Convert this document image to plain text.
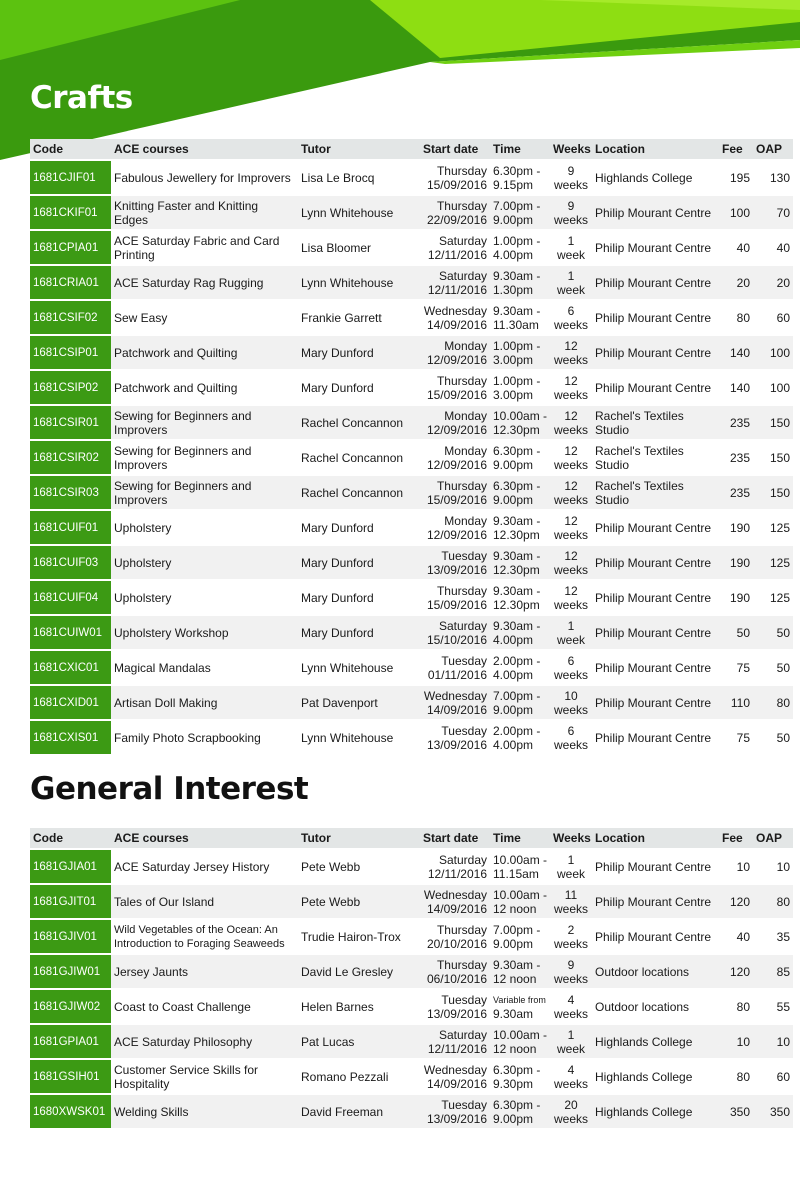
Crafts
Code	ACE courses	Tutor	Start date	Time	Weeks	Location	Fee	OAP
1681CJIF01	Fabulous Jewellery for Improvers	Lisa Le Brocq	Thursday
15/09/2016	6.30pm -
9.15pm	9 weeks	Highlands College	195	130
1681CKIF01	Knitting Faster and Knitting Edges	Lynn Whitehouse	Thursday
22/09/2016	7.00pm -
9.00pm	9 weeks	Philip Mourant Centre	100	70
1681CPIA01	ACE Saturday Fabric and Card Printing	Lisa Bloomer	Saturday
12/11/2016	1.00pm -
4.00pm	1 week	Philip Mourant Centre	40	40
1681CRIA01	ACE Saturday Rag Rugging	Lynn Whitehouse	Saturday
12/11/2016	9.30am -
1.30pm	1 week	Philip Mourant Centre	20	20
1681CSIF02	Sew Easy	Frankie Garrett	Wednesday
14/09/2016	9.30am -
11.30am	6 weeks	Philip Mourant Centre	80	60
1681CSIP01	Patchwork and Quilting	Mary Dunford	Monday
12/09/2016	1.00pm -
3.00pm	12 weeks	Philip Mourant Centre	140	100
1681CSIP02	Patchwork and Quilting	Mary Dunford	Thursday
15/09/2016	1.00pm -
3.00pm	12 weeks	Philip Mourant Centre	140	100
1681CSIR01	Sewing for Beginners and Improvers	Rachel Concannon	Monday
12/09/2016	10.00am -
12.30pm	12 weeks	Rachel's Textiles Studio	235	150
1681CSIR02	Sewing for Beginners and Improvers	Rachel Concannon	Monday
12/09/2016	6.30pm -
9.00pm	12 weeks	Rachel's Textiles Studio	235	150
1681CSIR03	Sewing for Beginners and Improvers	Rachel Concannon	Thursday
15/09/2016	6.30pm -
9.00pm	12 weeks	Rachel's Textiles Studio	235	150
1681CUIF01	Upholstery	Mary Dunford	Monday
12/09/2016	9.30am -
12.30pm	12 weeks	Philip Mourant Centre	190	125
1681CUIF03	Upholstery	Mary Dunford	Tuesday
13/09/2016	9.30am -
12.30pm	12 weeks	Philip Mourant Centre	190	125
1681CUIF04	Upholstery	Mary Dunford	Thursday
15/09/2016	9.30am -
12.30pm	12 weeks	Philip Mourant Centre	190	125
1681CUIW01	Upholstery Workshop	Mary Dunford	Saturday
15/10/2016	9.30am -
4.00pm	1 week	Philip Mourant Centre	50	50
1681CXIC01	Magical Mandalas	Lynn Whitehouse	Tuesday
01/11/2016	2.00pm -
4.00pm	6 weeks	Philip Mourant Centre	75	50
1681CXID01	Artisan Doll Making	Pat Davenport	Wednesday
14/09/2016	7.00pm -
9.00pm	10 weeks	Philip Mourant Centre	110	80
1681CXIS01	Family Photo Scrapbooking	Lynn Whitehouse	Tuesday
13/09/2016	2.00pm -
4.00pm	6 weeks	Philip Mourant Centre	75	50
General Interest
Code	ACE courses	Tutor	Start date	Time	Weeks	Location	Fee	OAP
1681GJIA01	ACE Saturday Jersey History	Pete Webb	Saturday
12/11/2016	10.00am -
11.15am	1 week	Philip Mourant Centre	10	10
1681GJIT01	Tales of Our Island	Pete Webb	Wednesday
14/09/2016	10.00am -
12 noon	11 weeks	Philip Mourant Centre	120	80
1681GJIV01	Wild Vegetables of the Ocean: An Introduction to Foraging Seaweeds	Trudie Hairon-Trox	Thursday
20/10/2016	7.00pm -
9.00pm	2 weeks	Philip Mourant Centre	40	35
1681GJIW01	Jersey Jaunts	David Le Gresley	Thursday
06/10/2016	9.30am -
12 noon	9 weeks	Outdoor locations	120	85
1681GJIW02	Coast to Coast Challenge	Helen Barnes	Tuesday
13/09/2016	Variable from
9.30am	4 weeks	Outdoor locations	80	55
1681GPIA01	ACE Saturday Philosophy	Pat Lucas	Saturday
12/11/2016	10.00am -
12 noon	1 week	Highlands College	10	10
1681GSIH01	Customer Service Skills for Hospitality	Romano Pezzali	Wednesday
14/09/2016	6.30pm -
9.30pm	4 weeks	Highlands College	80	60
1680XWSK01	Welding Skills	David Freeman	Tuesday
13/09/2016	6.30pm -
9.00pm	20 weeks	Highlands College	350	350
